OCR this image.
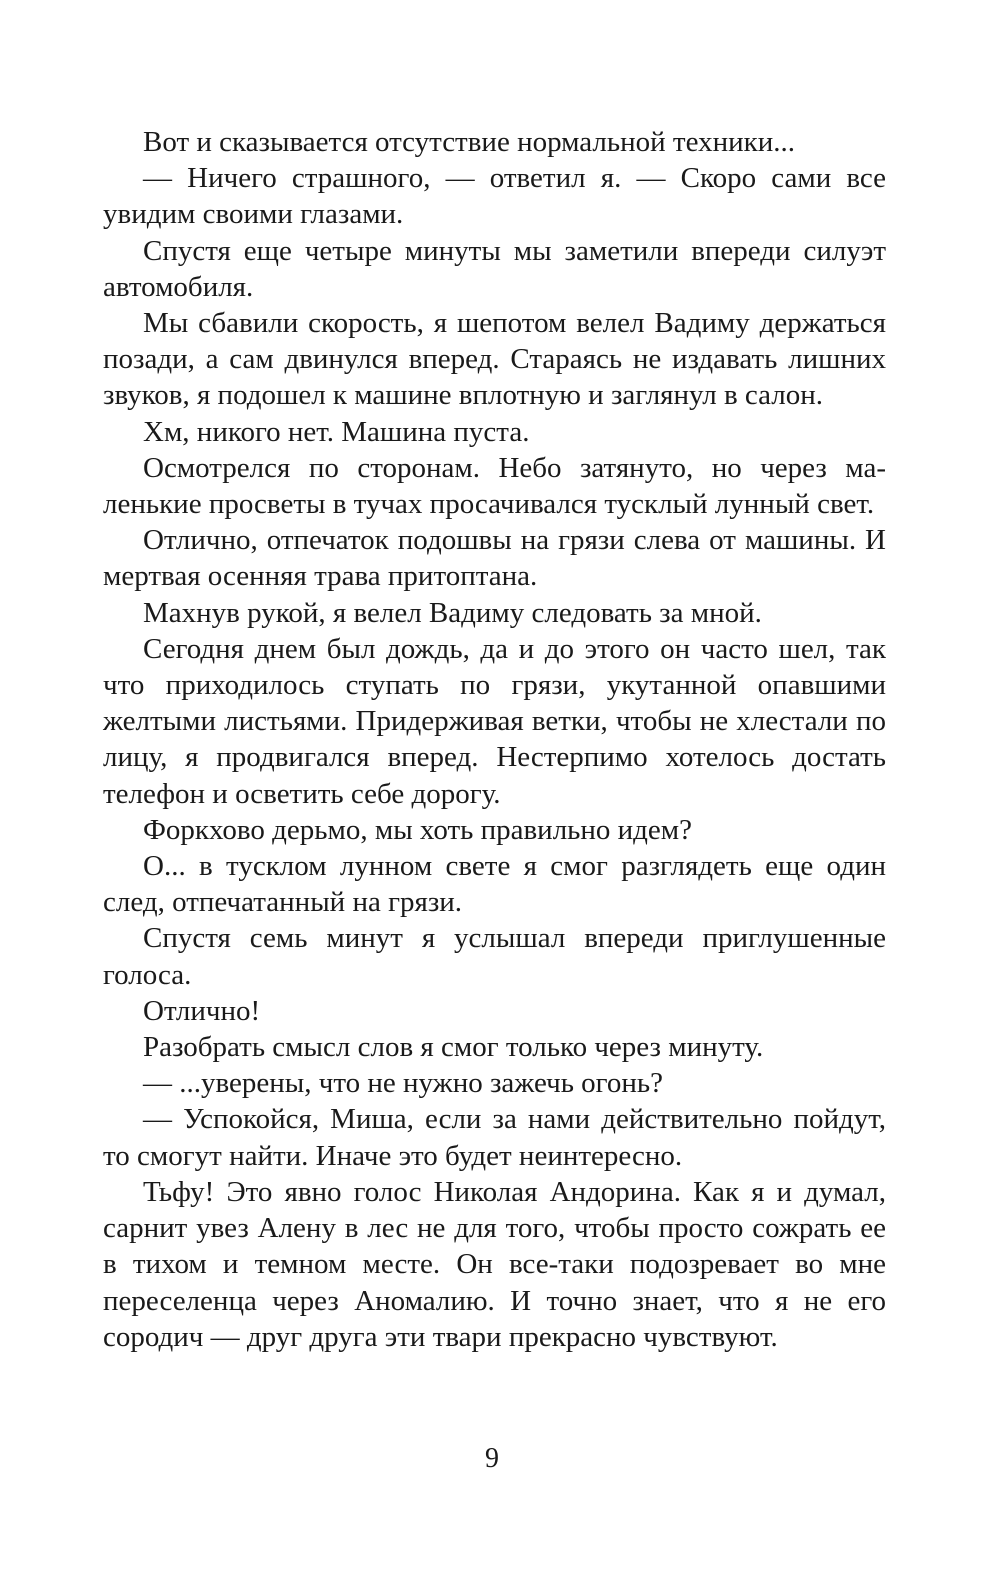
Вот и сказывается отсутствие нормальной техники...

— Ничего страшного, — ответил я. — Скоро сами все увидим своими глазами.

Спустя еще четыре минуты мы заметили впереди силуэт автомобиля.

Мы сбавили скорость, я шепотом велел Вадиму держаться позади, а сам двинулся вперед. Стараясь не издавать лишних звуков, я подошел к машине вплотную и заглянул в салон.

Хм, никого нет. Машина пуста.

Осмотрелся по сторонам. Небо затянуто, но через маленькие просветы в тучах просачивался тусклый лунный свет.

Отлично, отпечаток подошвы на грязи слева от машины. И мертвая осенняя трава притоптана.

Махнув рукой, я велел Вадиму следовать за мной.

Сегодня днем был дождь, да и до этого он часто шел, так что приходилось ступать по грязи, укутанной опавшими желтыми листьями. Придерживая ветки, чтобы не хлестали по лицу, я продвигался вперед. Нестерпимо хотелось достать телефон и осветить себе дорогу.

Форкхово дерьмо, мы хоть правильно идем?

О... в тусклом лунном свете я смог разглядеть еще один след, отпечатанный на грязи.

Спустя семь минут я услышал впереди приглушенные голоса.

Отлично!

Разобрать смысл слов я смог только через минуту.

— ...уверены, что не нужно зажечь огонь?

— Успокойся, Миша, если за нами действительно пойдут, то смогут найти. Иначе это будет неинтересно.

Тьфу! Это явно голос Николая Андорина. Как я и думал, сарнит увез Алену в лес не для того, чтобы просто сожрать ее в тихом и темном месте. Он все-таки подозревает во мне переселенца через Аномалию. И точно знает, что я не его сородич — друг друга эти твари прекрасно чувствуют.

9
